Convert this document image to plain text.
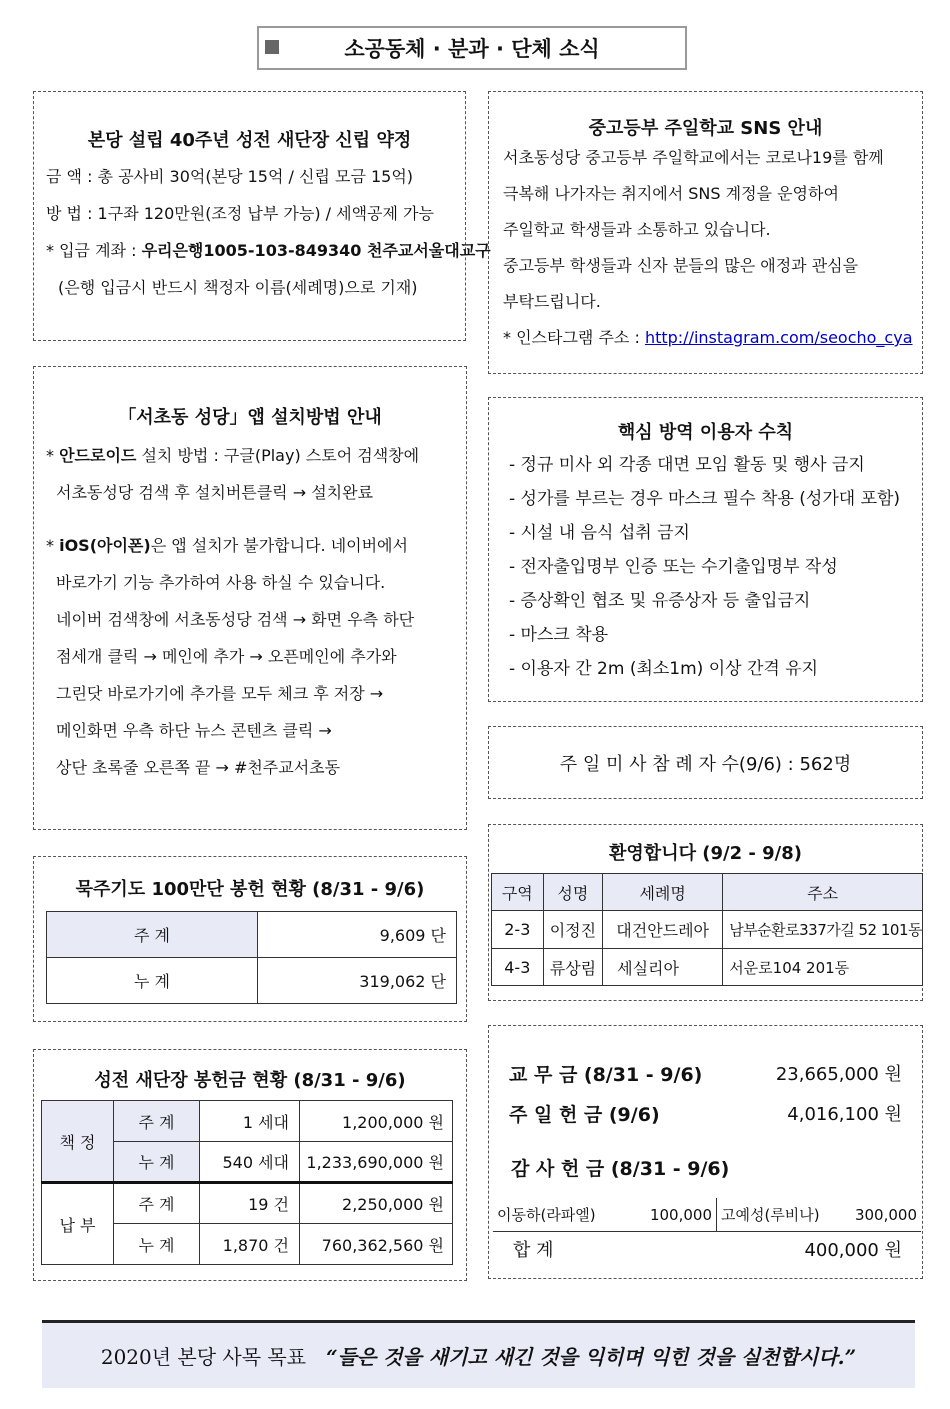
소공동체 · 분과 · 단체 소식
본당 설립 40주년 성전 새단장 신립 약정
금 액 : 총 공사비 30억(본당 15억 / 신립 모금 15억)
방 법 : 1구좌 120만원(조정 납부 가능) / 세액공제 가능
* 입금 계좌 : 우리은행1005-103-849340 천주교서울대교구
(은행 입금시 반드시 책정자 이름(세례명)으로 기재)
중고등부 주일학교 SNS 안내
서초동성당 중고등부 주일학교에서는 코로나19를 함께
극복해 나가자는 취지에서 SNS 계정을 운영하여
주일학교 학생들과 소통하고 있습니다.
중고등부 학생들과 신자 분들의 많은 애정과 관심을
부탁드립니다.
* 인스타그램 주소 : http://instagram.com/seocho_cya
「서초동 성당」앱 설치방법 안내
* 안드로이드 설치 방법 : 구글(Play) 스토어 검색창에
서초동성당 검색 후 설치버튼클릭 → 설치완료
* iOS(아이폰)은 앱 설치가 불가합니다. 네이버에서
바로가기 기능 추가하여 사용 하실 수 있습니다.
네이버 검색창에 서초동성당 검색 → 화면 우측 하단
점세개 클릭 → 메인에 추가 → 오픈메인에 추가와
그린닷 바로가기에 추가를 모두 체크 후 저장 →
메인화면 우측 하단 뉴스 콘텐츠 클릭 →
상단 초록줄 오른쪽 끝 → #천주교서초동
핵심 방역 이용자 수칙
- 정규 미사 외 각종 대면 모임 활동 및 행사 금지
- 성가를 부르는 경우 마스크 필수 착용 (성가대 포함)
- 시설 내 음식 섭취 금지
- 전자출입명부 인증 또는 수기출입명부 작성
- 증상확인 협조 및 유증상자 등 출입금지
- 마스크 착용
- 이용자 간 2m (최소1m) 이상 간격 유지
주 일 미 사 참 례 자 수(9/6) : 562명
묵주기도 100만단 봉헌 현황 (8/31 - 9/6)
주 계	9,609 단
누 계	319,062 단
환영합니다 (9/2 - 9/8)
구역	성명	세례명	주소
2-3	이정진	대건안드레아	남부순환로337가길 52 101동
4-3	류상림	세실리아	서운로104 201동
성전 새단장 봉헌금 현황 (8/31 - 9/6)
책 정	주 계	1 세대	1,200,000 원
	누 계	540 세대	1,233,690,000 원
납 부	주 계	19 건	2,250,000 원
	누 계	1,870 건	760,362,560 원
교 무 금 (8/31 - 9/6)	23,665,000 원
주 일 헌 금 (9/6)	4,016,100 원
감 사 헌 금 (8/31 - 9/6)
이동하(라파엘)	100,000 고예성(루비나) 300,000
합 계	400,000 원
2020년 본당 사목 목표 “들은 것을 새기고 새긴 것을 익히며 익힌 것을 실천합시다.”
